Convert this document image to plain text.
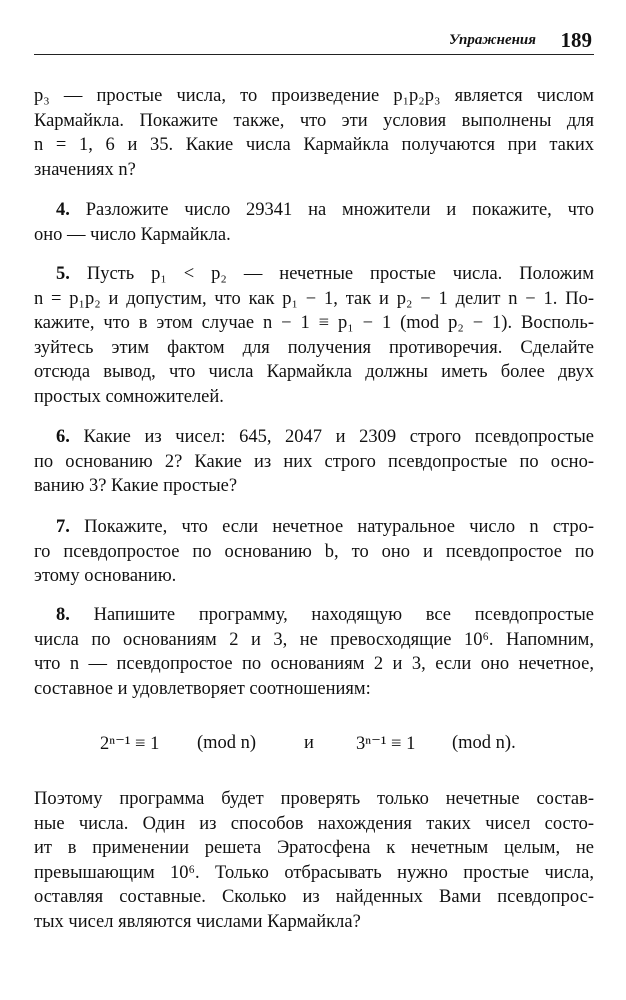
Упражнения 189
p₃ — простые числа, то произведение p₁p₂p₃ является числом
Кармайкла. Покажите также, что эти условия выполнены для
n = 1, 6 и 35. Какие числа Кармайкла получаются при таких
значениях n?
4. Разложите число 29341 на множители и покажите, что
оно — число Кармайкла.
5. Пусть p₁ < p₂ — нечетные простые числа. Положим
n = p₁p₂ и допустим, что как p₁ − 1, так и p₂ − 1 делит n − 1. По-
кажите, что в этом случае n − 1 ≡ p₁ − 1 (mod p₂ − 1). Восполь-
зуйтесь этим фактом для получения противоречия. Сделайте
отсюда вывод, что числа Кармайкла должны иметь более двух
простых сомножителей.
6. Какие из чисел: 645, 2047 и 2309 строго псевдопростые
по основанию 2? Какие из них строго псевдопростые по осно-
ванию 3? Какие простые?
7. Покажите, что если нечетное натуральное число n стро-
го псевдопростое по основанию b, то оно и псевдопростое по
этому основанию.
8. Напишите программу, находящую все псевдопростые
числа по основаниям 2 и 3, не превосходящие 10⁶. Напомним,
что n — псевдопростое по основаниям 2 и 3, если оно нечетное,
составное и удовлетворяет соотношениям:
2ⁿ⁻¹ ≡ 1 (mod n)	и 3ⁿ⁻¹ ≡ 1 (mod n).
Поэтому программа будет проверять только нечетные состав-
ные числа. Один из способов нахождения таких чисел состо-
ит в применении решета Эратосфена к нечетным целым, не
превышающим 10⁶. Только отбрасывать нужно простые числа,
оставляя составные. Сколько из найденных Вами псевдопрос-
тых чисел являются числами Кармайкла?
